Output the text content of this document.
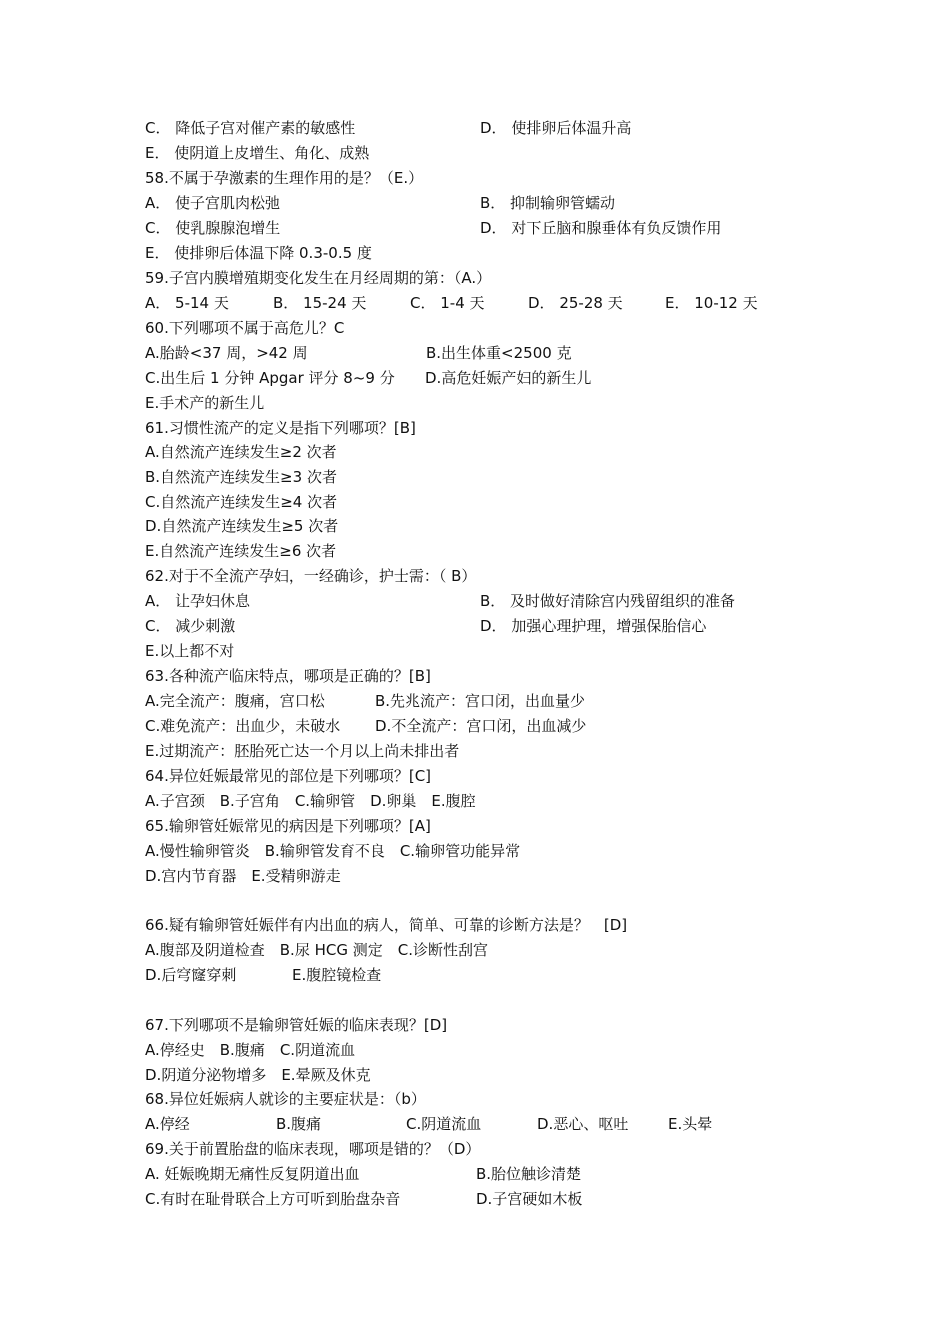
C． 降低子宫对催产素的敏感性	D． 使排卵后体温升高
E． 使阴道上皮增生、角化、成熟
58.不属于孕激素的生理作用的是？（E.）
A． 使子宫肌肉松弛	B． 抑制输卵管蠕动
C． 使乳腺腺泡增生	D． 对下丘脑和腺垂体有负反馈作用
E． 使排卵后体温下降 0.3-0.5 度
59.子宫内膜增殖期变化发生在月经周期的第：（A.）
A． 5-14 天	B． 15-24 天	C． 1-4 天	D． 25-28 天	E． 10-12 天
60.下列哪项不属于高危儿？C
A.胎龄<37 周，>42 周	B.出生体重<2500 克
C.出生后 1 分钟 Apgar 评分 8~9 分 D.高危妊娠产妇的新生儿
E.手术产的新生儿
61.习惯性流产的定义是指下列哪项？[B]
A.自然流产连续发生≥2 次者
B.自然流产连续发生≥3 次者
C.自然流产连续发生≥4 次者
D.自然流产连续发生≥5 次者
E.自然流产连续发生≥6 次者
62.对于不全流产孕妇，一经确诊，护士需：（ B）
A． 让孕妇休息	B． 及时做好清除宫内残留组织的准备
C． 减少刺激	D． 加强心理护理，增强保胎信心
E.以上都不对
63.各种流产临床特点，哪项是正确的？[B]
A.完全流产：腹痛，宫口松	B.先兆流产：宫口闭，出血量少
C.难免流产：出血少，未破水 D.不全流产：宫口闭，出血减少
E.过期流产：胚胎死亡达一个月以上尚未排出者
64.异位妊娠最常见的部位是下列哪项？[C]
A.子宫颈　B.子宫角　C.输卵管　D.卵巢　E.腹腔
65.输卵管妊娠常见的病因是下列哪项？[A]
A.慢性输卵管炎　B.输卵管发育不良　C.输卵管功能异常
D.宫内节育器　E.受精卵游走
66.疑有输卵管妊娠伴有内出血的病人，简单、可靠的诊断方法是？　[D]
A.腹部及阴道检查　B.尿 HCG 测定　C.诊断性刮宫
D.后穹窿穿刺	E.腹腔镜检查
67.下列哪项不是输卵管妊娠的临床表现？[D]
A.停经史　B.腹痛　C.阴道流血
D.阴道分泌物增多　E.晕厥及休克
68.异位妊娠病人就诊的主要症状是：（b）
A.停经	B.腹痛	C.阴道流血	D.恶心、呕吐	E.头晕
69.关于前置胎盘的临床表现，哪项是错的？（D）
A. 妊娠晚期无痛性反复阴道出血	B.胎位触诊清楚
C.有时在耻骨联合上方可听到胎盘杂音	D.子宫硬如木板
